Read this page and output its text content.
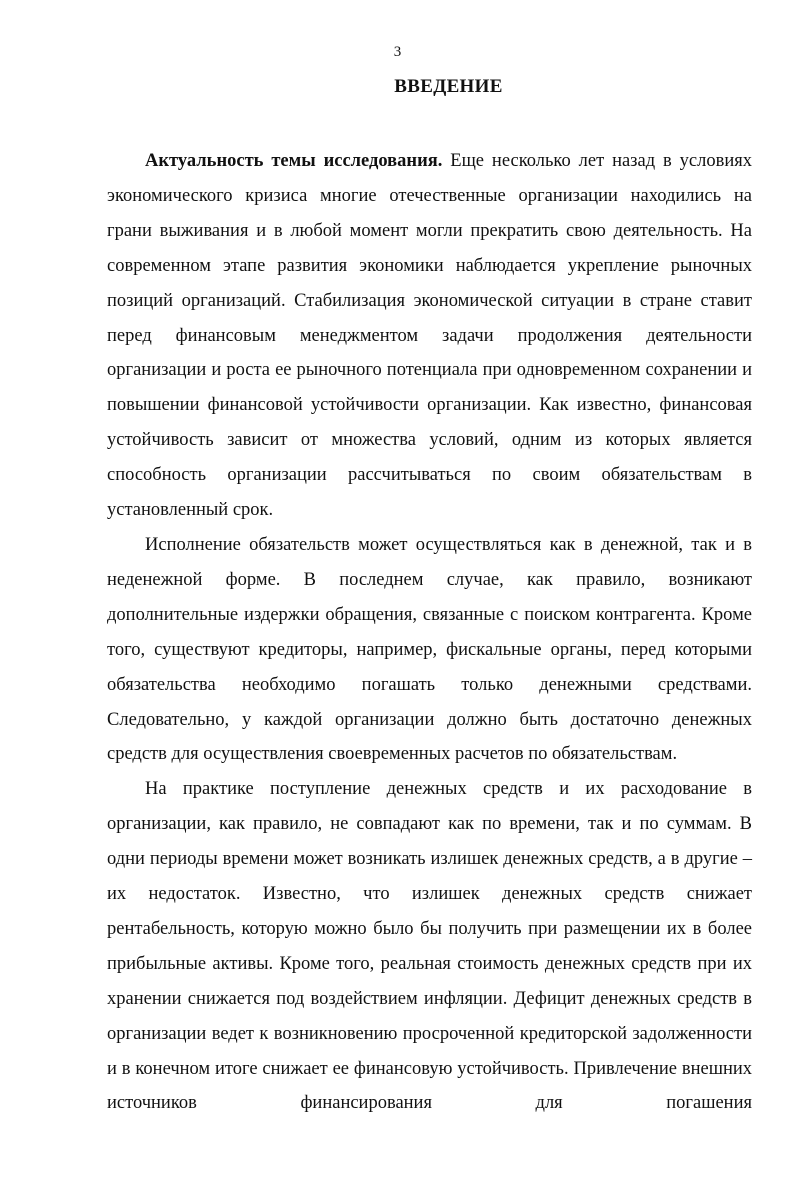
3
ВВЕДЕНИЕ

Актуальность темы исследования. Еще несколько лет назад в условиях экономического кризиса многие отечественные организации находились на грани выживания и в любой момент могли прекратить свою деятельность. На современном этапе развития экономики наблюдается укрепление рыночных позиций организаций. Стабилизация экономической ситуации в стране ставит перед финансовым менеджментом задачи продолжения деятельности организации и роста ее рыночного потенциала при одновременном сохранении и повышении финансовой устойчивости организации. Как известно, финансовая устойчивость зависит от множества условий, одним из которых является способность организации рассчитываться по своим обязательствам в установленный срок.

Исполнение обязательств может осуществляться как в денежной, так и в неденежной форме. В последнем случае, как правило, возникают дополнительные издержки обращения, связанные с поиском контрагента. Кроме того, существуют кредиторы, например, фискальные органы, перед которыми обязательства необходимо погашать только денежными средствами. Следовательно, у каждой организации должно быть достаточно денежных средств для осуществления своевременных расчетов по обязательствам.

На практике поступление денежных средств и их расходование в организации, как правило, не совпадают как по времени, так и по суммам. В одни периоды времени может возникать излишек денежных средств, а в другие – их недостаток. Известно, что излишек денежных средств снижает рентабельность, которую можно было бы получить при размещении их в более прибыльные активы. Кроме того, реальная стоимость денежных средств при их хранении снижается под воздействием инфляции. Дефицит денежных средств в организации ведет к возникновению просроченной кредиторской задолженности и в конечном итоге снижает ее финансовую устойчивость. Привлечение внешних источников финансирования для погашения
